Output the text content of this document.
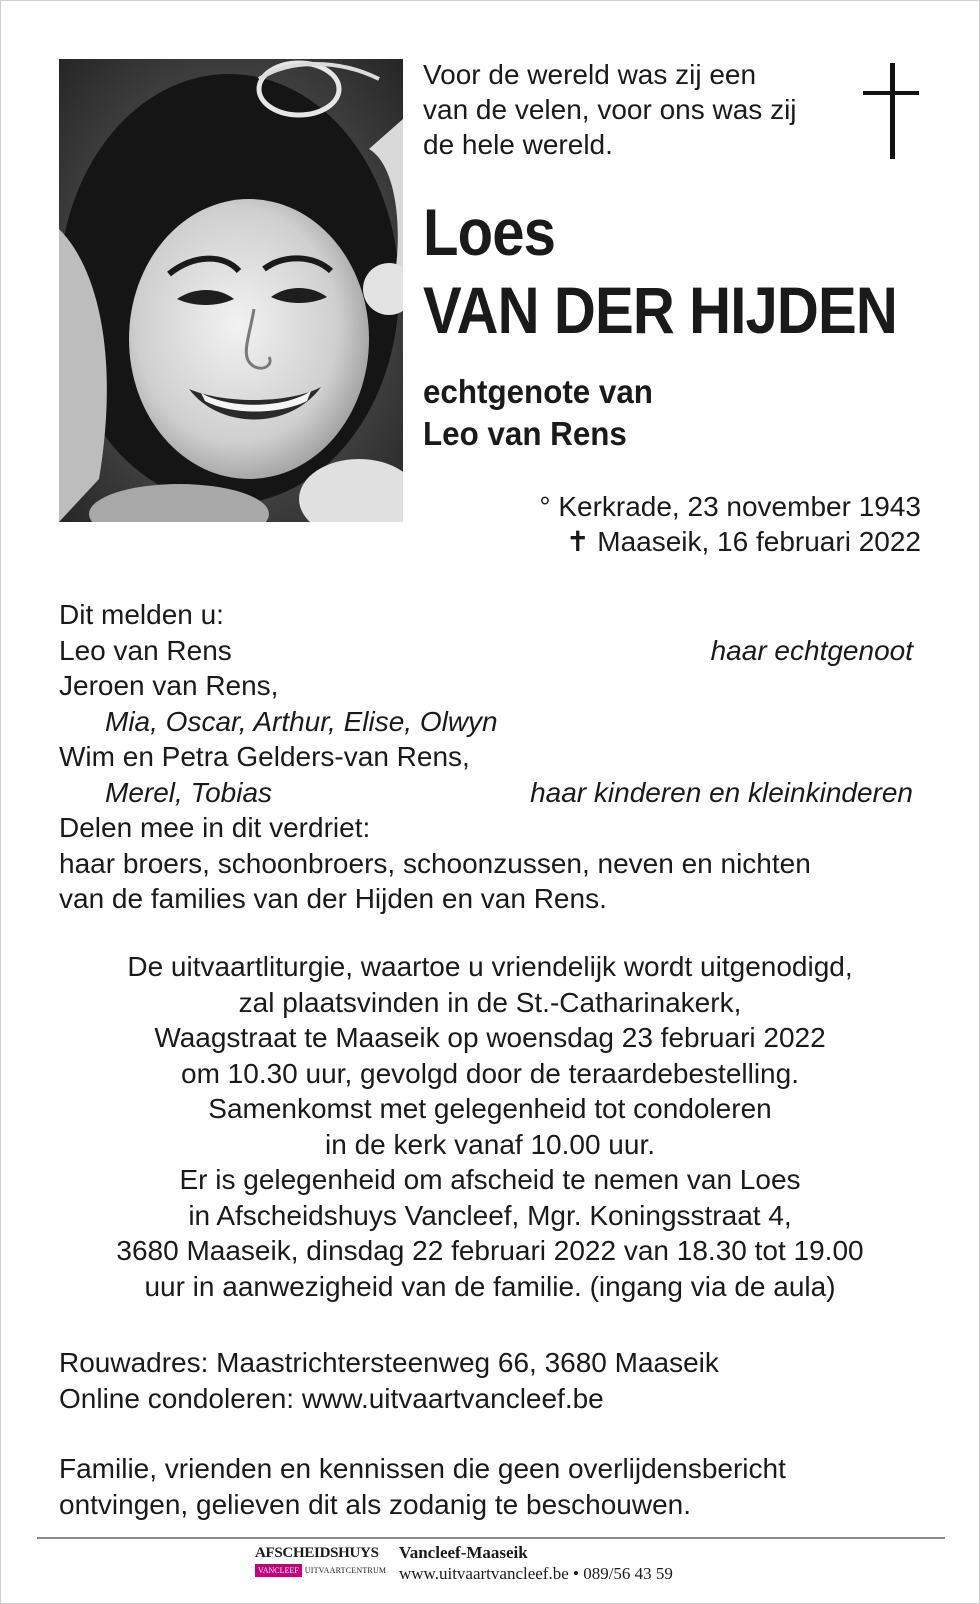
Voor de wereld was zij een
van de velen, voor ons was zij
de hele wereld.
Loes
VAN DER HIJDEN
echtgenote van
Leo van Rens
° Kerkrade, 23 november 1943
✝ Maaseik, 16 februari 2022
Dit melden u:
Leo van Rens	haar echtgenoot
Jeroen van Rens,
Mia, Oscar, Arthur, Elise, Olwyn
Wim en Petra Gelders-van Rens,
Merel, Tobias	haar kinderen en kleinkinderen
Delen mee in dit verdriet:
haar broers, schoonbroers, schoonzussen, neven en nichten
van de families van der Hijden en van Rens.
De uitvaartliturgie, waartoe u vriendelijk wordt uitgenodigd,
zal plaatsvinden in de St.-Catharinakerk,
Waagstraat te Maaseik op woensdag 23 februari 2022
om 10.30 uur, gevolgd door de teraardebestelling.
Samenkomst met gelegenheid tot condoleren
in de kerk vanaf 10.00 uur.
Er is gelegenheid om afscheid te nemen van Loes
in Afscheidshuys Vancleef, Mgr. Koningsstraat 4,
3680 Maaseik, dinsdag 22 februari 2022 van 18.30 tot 19.00
uur in aanwezigheid van de familie. (ingang via de aula)
Rouwadres: Maastrichtersteenweg 66, 3680 Maaseik
Online condoleren: www.uitvaartvancleef.be
Familie, vrienden en kennissen die geen overlijdensbericht
ontvingen, gelieven dit als zodanig te beschouwen.
AFSCHEIDSHUYS
VANCLEEF UITVAARTCENTRUM
Vancleef-Maaseik
www.uitvaartvancleef.be • 089/56 43 59
